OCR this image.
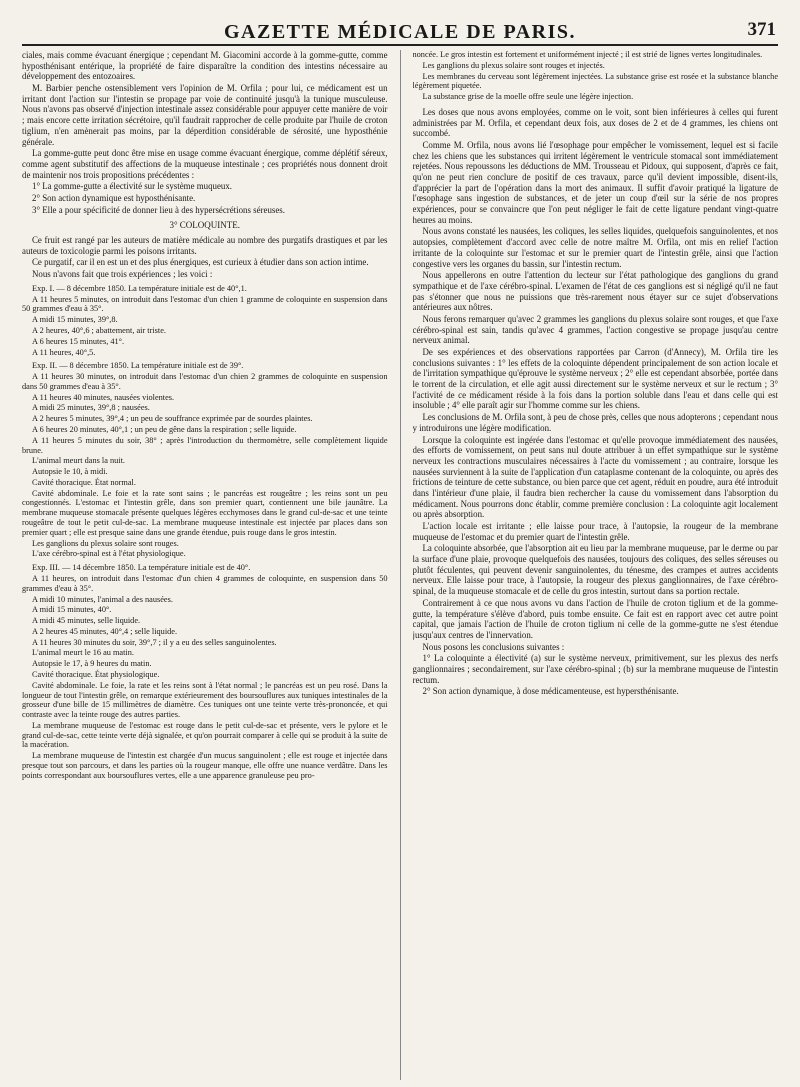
GAZETTE MÉDICALE DE PARIS.	371

ciales, mais comme évacuant énergique ; cependant M. Giacomini accorde à la gomme-gutte, comme hyposthénisant entérique, la propriété de faire disparaître la condition des intestins nécessaire au développement des entozoaires.

M. Barbier penche ostensiblement vers l'opinion de M. Orfila ; pour lui, ce médicament est un irritant dont l'action sur l'intestin se propage par voie de continuité jusqu'à la tunique musculeuse. Nous n'avons pas observé d'injection intestinale assez considérable pour appuyer cette manière de voir ; mais encore cette irritation sécrétoire, qu'il faudrait rapprocher de celle produite par l'huile de croton tiglium, n'en amènerait pas moins, par la déperdition considérable de sérosité, une hyposthénie générale.

La gomme-gutte peut donc être mise en usage comme évacuant énergique, comme déplétif séreux, comme agent substitutif des affections de la muqueuse intestinale ; ces propriétés nous donnent droit de maintenir nos trois propositions précédentes :

1° La gomme-gutte a électivité sur le système muqueux.

2° Son action dynamique est hyposthénisante.

3° Elle a pour spécificité de donner lieu à des hypersécrétions séreuses.

3° COLOQUINTE.

Ce fruit est rangé par les auteurs de matière médicale au nombre des purgatifs drastiques et par les auteurs de toxicologie parmi les poisons irritants.

Ce purgatif, car il en est un et des plus énergiques, est curieux à étudier dans son action intime.

Nous n'avons fait que trois expériences ; les voici :

Exp. I. — 8 décembre 1850. La température initiale est de 40°,1.

A 11 heures 5 minutes, on introduit dans l'estomac d'un chien 1 gramme de coloquinte en suspension dans 50 grammes d'eau à 35°.

A midi 15 minutes, 39°,8.

A 2 heures, 40°,6 ; abattement, air triste.

A 6 heures 15 minutes, 41°.

A 11 heures, 40°,5.

Exp. II. — 8 décembre 1850. La température initiale est de 39°.

A 11 heures 30 minutes, on introduit dans l'estomac d'un chien 2 grammes de coloquinte en suspension dans 50 grammes d'eau à 35°.

A 11 heures 40 minutes, nausées violentes.

A midi 25 minutes, 39°,8 ; nausées.

A 2 heures 5 minutes, 39°,4 ; un peu de souffrance exprimée par de sourdes plaintes.

A 6 heures 20 minutes, 40°,1 ; un peu de gêne dans la respiration ; selle liquide.

A 11 heures 5 minutes du soir, 38° ; après l'introduction du thermomètre, selle complètement liquide brune.

L'animal meurt dans la nuit.

Autopsie le 10, à midi.

Cavité thoracique. État normal.

Cavité abdominale. Le foie et la rate sont sains ; le pancréas est rougeâtre ; les reins sont un peu congestionnés. L'estomac et l'intestin grêle, dans son premier quart, contiennent une bile jaunâtre. La membrane muqueuse stomacale présente quelques légères ecchymoses dans le grand cul-de-sac et une teinte rougeâtre de tout le petit cul-de-sac. La membrane muqueuse intestinale est injectée par places dans son premier quart ; elle est presque saine dans une grande étendue, puis rouge dans le gros intestin.

Les ganglions du plexus solaire sont rouges.

L'axe cérébro-spinal est à l'état physiologique.

Exp. III. — 14 décembre 1850. La température initiale est de 40°.

A 11 heures, on introduit dans l'estomac d'un chien 4 grammes de coloquinte, en suspension dans 50 grammes d'eau à 35°.

A midi 10 minutes, l'animal a des nausées.

A midi 15 minutes, 40°.

A midi 45 minutes, selle liquide.

A 2 heures 45 minutes, 40°,4 ; selle liquide.

A 11 heures 30 minutes du soir, 39°,7 ; il y a eu des selles sanguinolentes.

L'animal meurt le 16 au matin.

Autopsie le 17, à 9 heures du matin.

Cavité thoracique. État physiologique.

Cavité abdominale. Le foie, la rate et les reins sont à l'état normal ; le pancréas est un peu rosé. Dans la longueur de tout l'intestin grêle, on remarque extérieurement des boursouflures aux tuniques intestinales de la grosseur d'une bille de 15 millimètres de diamètre. Ces tuniques ont une teinte verte très-prononcée, et qui contraste avec la teinte rouge des autres parties.

La membrane muqueuse de l'estomac est rouge dans le petit cul-de-sac et présente, vers le pylore et le grand cul-de-sac, cette teinte verte déjà signalée, et qu'on pourrait comparer à celle qui se produit à la suite de la macération.

La membrane muqueuse de l'intestin est chargée d'un mucus sanguinolent ; elle est rouge et injectée dans presque tout son parcours, et dans les parties où la rougeur manque, elle offre une nuance verdâtre. Dans les points correspondant aux boursouflures vertes, elle a une apparence granuleuse peu pro-

noncée. Le gros intestin est fortement et uniformément injecté ; il est strié de lignes vertes longitudinales.

Les ganglions du plexus solaire sont rouges et injectés.

Les membranes du cerveau sont légèrement injectées. La substance grise est rosée et la substance blanche légèrement piquetée.

La substance grise de la moelle offre seule une légère injection.

Les doses que nous avons employées, comme on le voit, sont bien inférieures à celles qui furent administrées par M. Orfila, et cependant deux fois, aux doses de 2 et de 4 grammes, les chiens ont succombé.

Comme M. Orfila, nous avons lié l'œsophage pour empêcher le vomissement, lequel est si facile chez les chiens que les substances qui irritent légèrement le ventricule stomacal sont immédiatement rejetées. Nous repoussons les déductions de MM. Trousseau et Pidoux, qui supposent, d'après ce fait, qu'on ne peut rien conclure de positif de ces travaux, parce qu'il devient impossible, disent-ils, d'apprécier la part de l'opération dans la mort des animaux. Il suffit d'avoir pratiqué la ligature de l'œsophage sans ingestion de substances, et de jeter un coup d'œil sur la série de nos propres expériences, pour se convaincre que l'on peut négliger le fait de cette ligature pendant vingt-quatre heures au moins.

Nous avons constaté les nausées, les coliques, les selles liquides, quelquefois sanguinolentes, et nos autopsies, complètement d'accord avec celle de notre maître M. Orfila, ont mis en relief l'action irritante de la coloquinte sur l'estomac et sur le premier quart de l'intestin grêle, ainsi que l'action congestive vers les organes du bassin, sur l'intestin rectum.

Nous appellerons en outre l'attention du lecteur sur l'état pathologique des ganglions du grand sympathique et de l'axe cérébro-spinal. L'examen de l'état de ces ganglions est si négligé qu'il ne faut pas s'étonner que nous ne puissions que très-rarement nous étayer sur ce sujet d'observations antérieures aux nôtres.

Nous ferons remarquer qu'avec 2 grammes les ganglions du plexus solaire sont rouges, et que l'axe cérébro-spinal est sain, tandis qu'avec 4 grammes, l'action congestive se propage jusqu'au centre nerveux animal.

De ses expériences et des observations rapportées par Carron (d'Annecy), M. Orfila tire les conclusions suivantes : 1° les effets de la coloquinte dépendent principalement de son action locale et de l'irritation sympathique qu'éprouve le système nerveux ; 2° elle est cependant absorbée, portée dans le torrent de la circulation, et elle agit aussi directement sur le système nerveux et sur le rectum ; 3° l'activité de ce médicament réside à la fois dans la portion soluble dans l'eau et dans celle qui est insoluble ; 4° elle paraît agir sur l'homme comme sur les chiens.

Les conclusions de M. Orfila sont, à peu de chose près, celles que nous adopterons ; cependant nous y introduirons une légère modification.

Lorsque la coloquinte est ingérée dans l'estomac et qu'elle provoque immédiatement des nausées, des efforts de vomissement, on peut sans nul doute attribuer à un effet sympathique sur le système nerveux les contractions musculaires nécessaires à l'acte du vomissement ; au contraire, lorsque les nausées surviennent à la suite de l'application d'un cataplasme contenant de la coloquinte, ou après des frictions de teinture de cette substance, ou bien parce que cet agent, réduit en poudre, aura été introduit dans l'intérieur d'une plaie, il faudra bien rechercher la cause du vomissement dans l'absorption du médicament. Nous pourrons donc établir, comme première conclusion : La coloquinte agit localement ou après absorption.

L'action locale est irritante ; elle laisse pour trace, à l'autopsie, la rougeur de la membrane muqueuse de l'estomac et du premier quart de l'intestin grêle.

La coloquinte absorbée, que l'absorption ait eu lieu par la membrane muqueuse, par le derme ou par la surface d'une plaie, provoque quelquefois des nausées, toujours des coliques, des selles séreuses ou plutôt féculentes, qui peuvent devenir sanguinolentes, du ténesme, des crampes et autres accidents nerveux. Elle laisse pour trace, à l'autopsie, la rougeur des plexus ganglionnaires, de l'axe cérébro-spinal, de la muqueuse stomacale et de celle du gros intestin, surtout dans sa portion rectale.

Contrairement à ce que nous avons vu dans l'action de l'huile de croton tiglium et de la gomme-gutte, la température s'élève d'abord, puis tombe ensuite. Ce fait est en rapport avec cet autre point capital, que jamais l'action de l'huile de croton tiglium ni celle de la gomme-gutte ne s'est étendue jusqu'aux centres de l'innervation.

Nous posons les conclusions suivantes :

1° La coloquinte a électivité (a) sur le système nerveux, primitivement, sur les plexus des nerfs ganglionnaires ; secondairement, sur l'axe cérébro-spinal ; (b) sur la membrane muqueuse de l'intestin rectum.

2° Son action dynamique, à dose médicamenteuse, est hypersthénisante.
